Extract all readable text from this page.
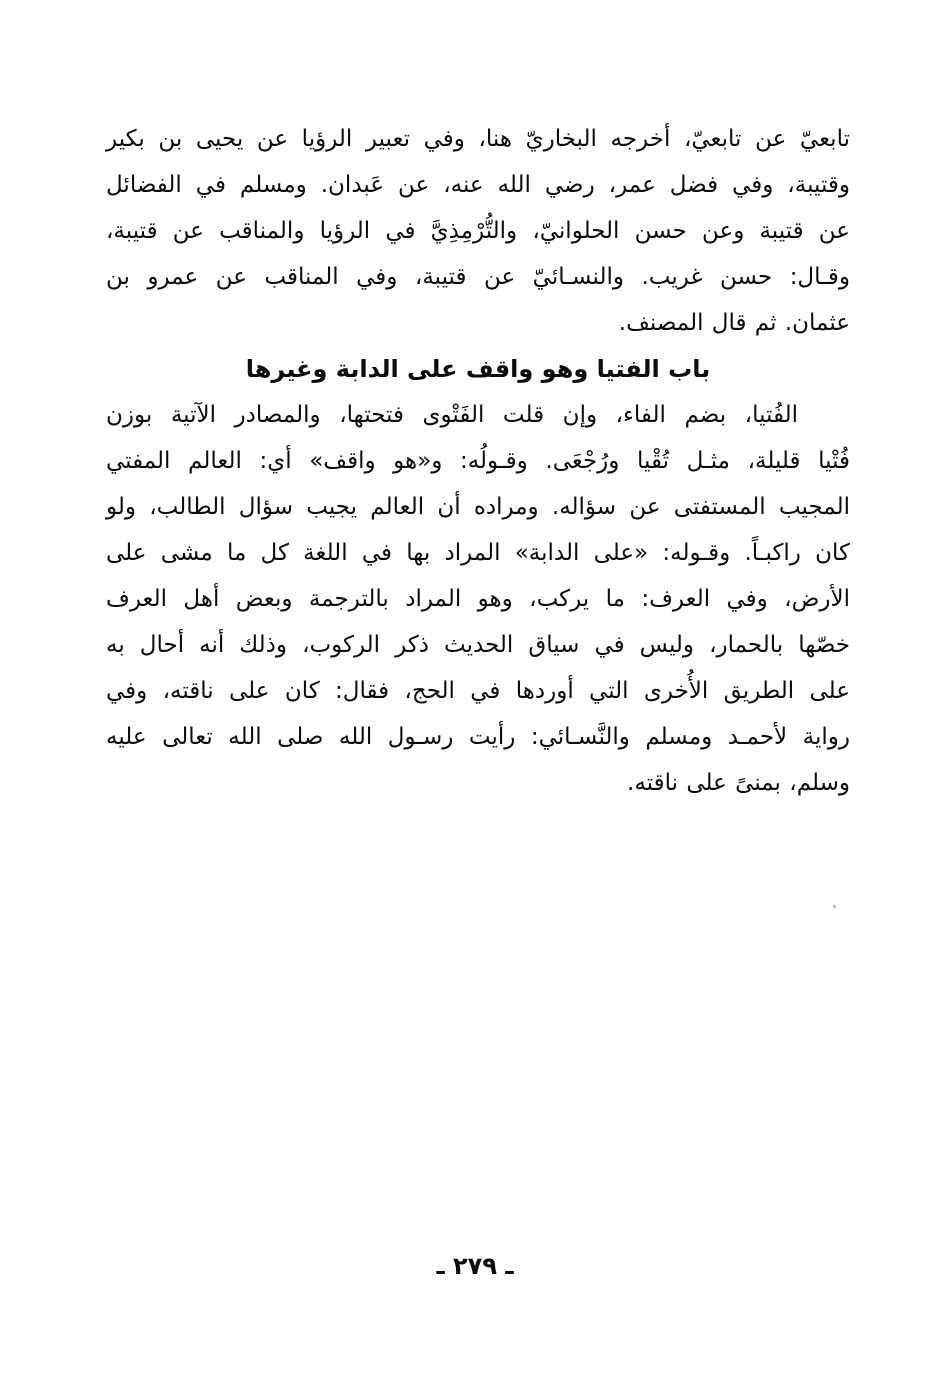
تابعيّ عن تابعيّ، أخرجه البخاريّ هنا، وفي تعبير الرؤيا عن يحيى بن بكير
وقتيبة، وفي فضل عمر، رضي الله عنه، عن عَبدان. ومسلم في الفضائل
عن قتيبة وعن حسن الحلوانيّ، والتُّرْمِذِيَّ في الرؤيا والمناقب عن قتيبة،
وقـال: حسن غريب. والنسـائيّ عن قتيبة، وفي المناقب عن عمرو بن
عثمان. ثم قال المصنف.
باب الفتيا وهو واقف على الدابة وغيرها
الفُتيا، بضم الفاء، وإن قلت الفَتْوى فتحتها، والمصادر الآتية بوزن
فُتْيا قليلة، مثـل تُقْيا ورُجْعَى. وقـولُه: و«هو واقف» أي: العالم المفتي
المجيب المستفتى عن سؤاله. ومراده أن العالم يجيب سؤال الطالب، ولو
كان راكبـاً. وقـوله: «على الدابة» المراد بها في اللغة كل ما مشى على
الأرض، وفي العرف: ما يركب، وهو المراد بالترجمة وبعض أهل العرف
خصّها بالحمار، وليس في سياق الحديث ذكر الركوب، وذلك أنه أحال به
على الطريق الأُخرى التي أوردها في الحج، فقال: كان على ناقته، وفي
رواية لأحمـد ومسلم والنَّسـائي: رأيت رسـول الله صلى الله تعالى عليه
وسلم، بمنىً على ناقته.
ـ ٢٧٩ ـ
